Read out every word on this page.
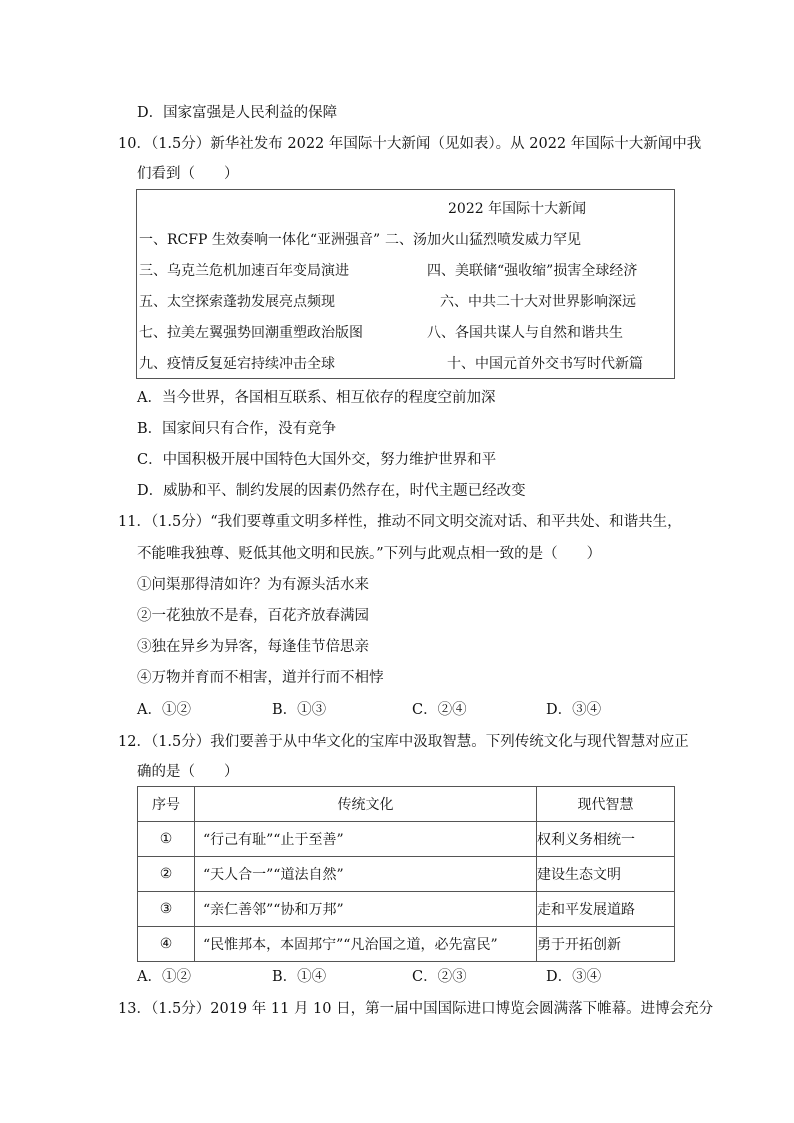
D．国家富强是人民利益的保障
10．（1.5分）新华社发布 2022 年国际十大新闻（见如表）。从 2022 年国际十大新闻中我
们看到（　　）
2022 年国际十大新闻
一、RCFP 生效奏响一体化“亚洲强音” 二、汤加火山猛烈喷发威力罕见
三、乌克兰危机加速百年变局演进	四、美联储“强收缩”损害全球经济
五、太空探索蓬勃发展亮点频现	六、中共二十大对世界影响深远
七、拉美左翼强势回潮重塑政治版图	八、各国共谋人与自然和谐共生
九、疫情反复延宕持续冲击全球	十、中国元首外交书写时代新篇
A．当今世界，各国相互联系、相互依存的程度空前加深
B．国家间只有合作，没有竞争
C．中国积极开展中国特色大国外交，努力维护世界和平
D．威胁和平、制约发展的因素仍然存在，时代主题已经改变
11．（1.5分）“我们要尊重文明多样性，推动不同文明交流对话、和平共处、和谐共生，
不能唯我独尊、贬低其他文明和民族。”下列与此观点相一致的是（　　）
①问渠那得清如许？为有源头活水来
②一花独放不是春，百花齐放春满园
③独在异乡为异客，每逢佳节倍思亲
④万物并育而不相害，道并行而不相悖
A．①②	B．①③	C．②④	D．③④
12．（1.5分）我们要善于从中华文化的宝库中汲取智慧。下列传统文化与现代智慧对应正
确的是（　　）
序号	传统文化	现代智慧
①	“行己有耻”“止于至善”	权利义务相统一
②	“天人合一”“道法自然”	建设生态文明
③	“亲仁善邻”“协和万邦”	走和平发展道路
④	“民惟邦本，本固邦宁”“凡治国之道，必先富民”	勇于开拓创新
A．①②	B．①④	C．②③	D．③④
13．（1.5分）2019 年 11 月 10 日，第一届中国国际进口博览会圆满落下帷幕。进博会充分
